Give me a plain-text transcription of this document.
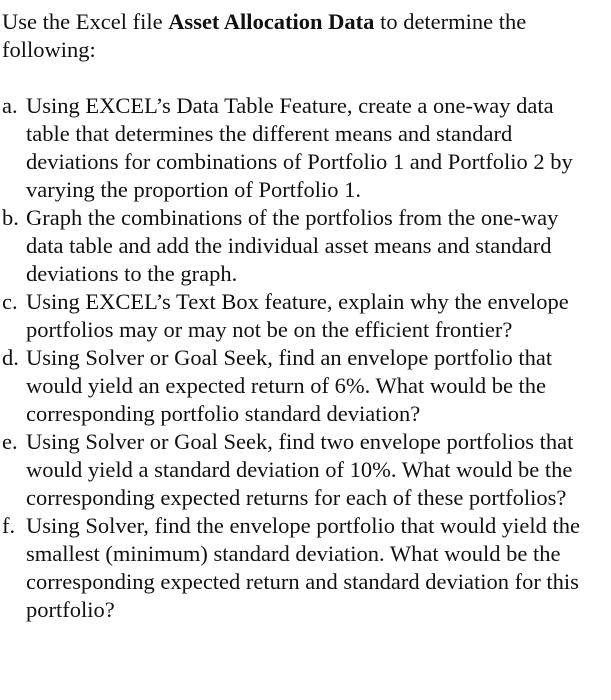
Use the Excel file Asset Allocation Data to determine the following:

a. Using EXCEL’s Data Table Feature, create a one-way data table that determines the different means and standard deviations for combinations of Portfolio 1 and Portfolio 2 by varying the proportion of Portfolio 1.
b. Graph the combinations of the portfolios from the one-way data table and add the individual asset means and standard deviations to the graph.
c. Using EXCEL’s Text Box feature, explain why the envelope portfolios may or may not be on the efficient frontier?
d. Using Solver or Goal Seek, find an envelope portfolio that would yield an expected return of 6%. What would be the corresponding portfolio standard deviation?
e. Using Solver or Goal Seek, find two envelope portfolios that would yield a standard deviation of 10%. What would be the corresponding expected returns for each of these portfolios?
f. Using Solver, find the envelope portfolio that would yield the smallest (minimum) standard deviation. What would be the corresponding expected return and standard deviation for this portfolio?
